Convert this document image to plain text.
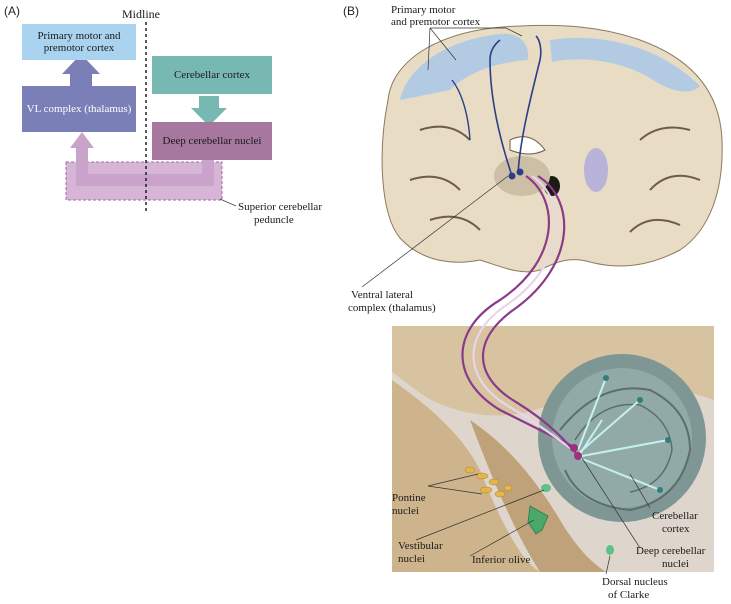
(A)	Midline
Primary motor and premotor cortex
VL complex (thalamus)
Cerebellar cortex
Deep cerebellar nuclei
Superior cerebellar
peduncle
(B)	Primary motor
and premotor cortex
Ventral lateral
complex (thalamus)
Pontine
nuclei
Vestibular
nuclei	Inferior olive
Cerebellar
cortex
Deep cerebellar
nuclei
Dorsal nucleus
of Clarke
